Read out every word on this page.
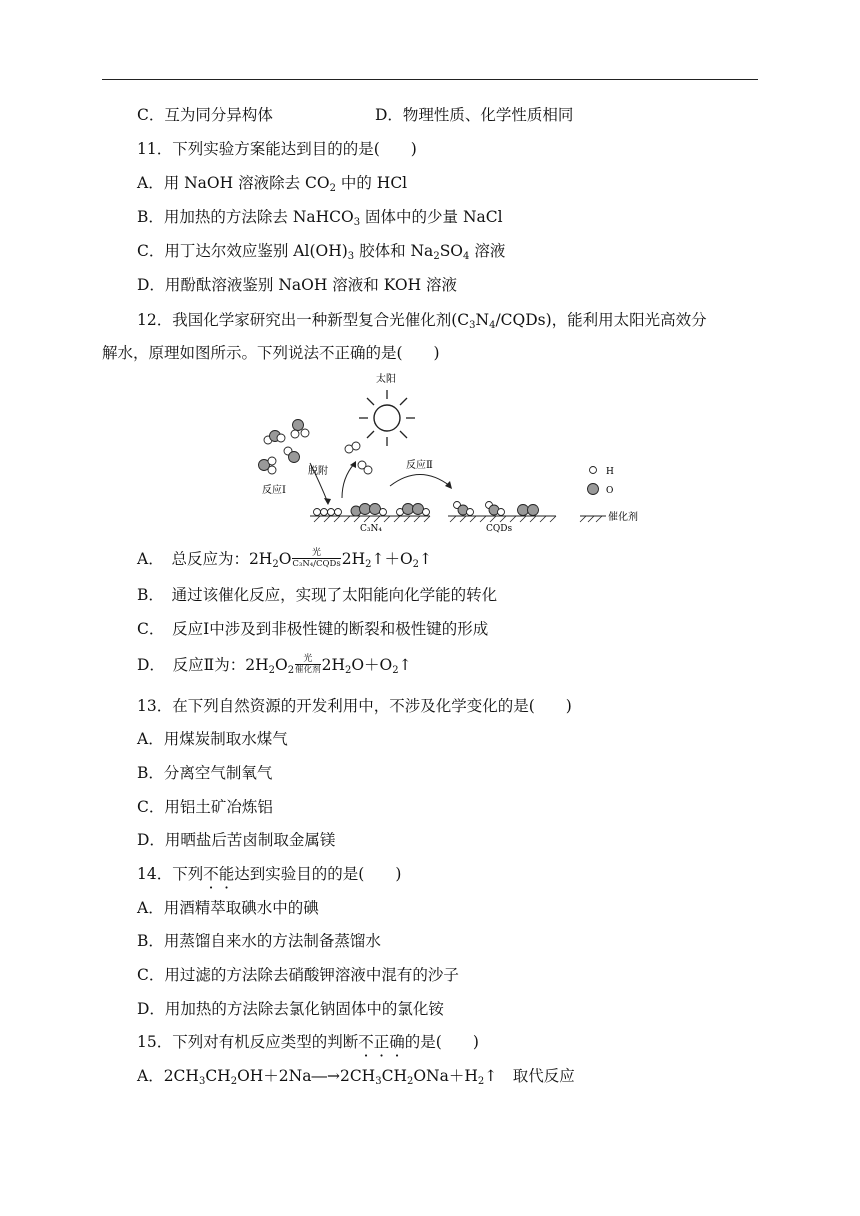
C．互为同分异构体	D．物理性质、化学性质相同
11．下列实验方案能达到目的的是(　　)
A．用 NaOH 溶液除去 $CO_2$ 中的 HCl
B．用加热的方法除去 NaHCO$_3$ 固体中的少量 NaCl
C．用丁达尔效应鉴别 $Al(OH)_3$ 胶体和 $Na_2SO_4$ 溶液
D．用酚酞溶液鉴别 NaOH 溶液和 KOH 溶液
12．我国化学家研究出一种新型复合光催化剂$(C_3N_4/CQDs)$，能利用太阳光高效分
解水，原理如图所示。下列说法不正确的是(　　)
太阳
反应Ⅰ
脱附
反应Ⅱ
C₃N₄	CQDs
H
O
催化剂
A．　总反应为：$2H_2O$	光
C₃N₄/CQDs $2H_2↑+O_2↑$
B．　通过该催化反应，实现了太阳能向化学能的转化
C．　反应Ⅰ中涉及到非极性键的断裂和极性键的形成
D．　反应Ⅱ为：$2H_2O_2$
光
催化剂 $2H_2O+O_2↑$
13．在下列自然资源的开发利用中，不涉及化学变化的是(　　)
A．用煤炭制取水煤气
B．分离空气制氧气
C．用铝土矿冶炼铝
D．用晒盐后苦卤制取金属镁
14．下列不能达到实验目的的是(　　)
A．用酒精萃取碘水中的碘
B．用蒸馏自来水的方法制备蒸馏水
C．用过滤的方法除去硝酸钾溶液中混有的沙子
D．用加热的方法除去氯化钠固体中的氯化铵
15．下列对有机反应类型的判断不正确的是(　　)
A．$2CH_3CH_2OH+2Na―\to 2CH_3CH_2ONa+H_2↑$　取代反应
